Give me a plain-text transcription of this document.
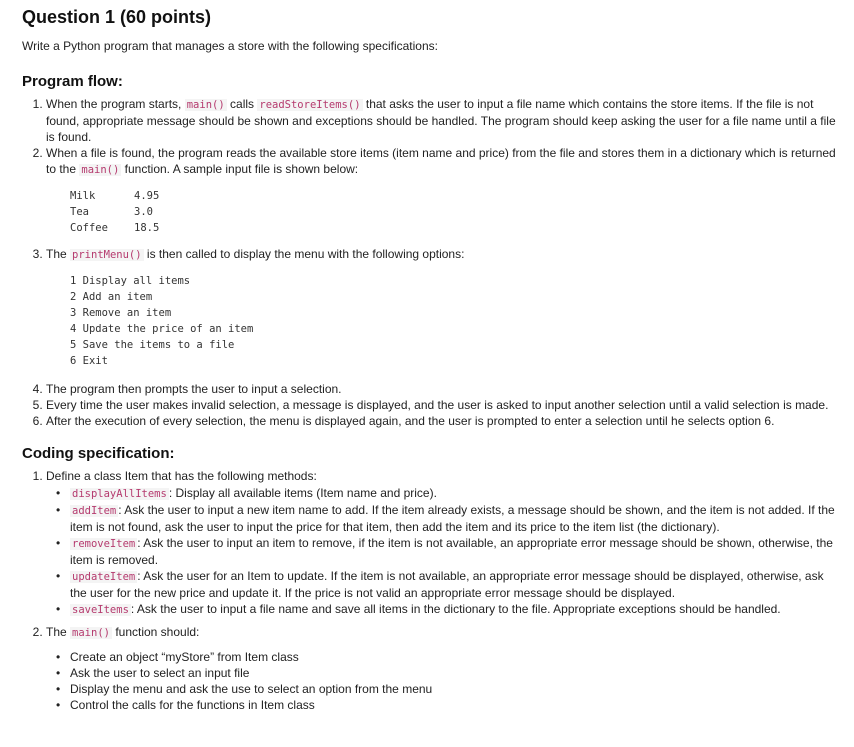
Question 1 (60 points)
Write a Python program that manages a store with the following specifications:
Program flow:
1. When the program starts, main() calls readStoreItems() that asks the user to input a file name which contains the store items. If the file is not found, appropriate message should be shown and exceptions should be handled. The program should keep asking the user for a file name until a file is found.
2. When a file is found, the program reads the available store items (item name and price) from the file and stores them in a dictionary which is returned to the main() function. A sample input file is shown below:
Milk	4.95
Tea	3.0
Coffee	18.5
3. The printMenu() is then called to display the menu with the following options:
1 Display all items
2 Add an item
3 Remove an item
4 Update the price of an item
5 Save the items to a file
6 Exit
4. The program then prompts the user to input a selection.
5. Every time the user makes invalid selection, a message is displayed, and the user is asked to input another selection until a valid selection is made.
6. After the execution of every selection, the menu is displayed again, and the user is prompted to enter a selection until he selects option 6.
Coding specification:
1. Define a class Item that has the following methods:
• displayAllItems : Display all available items (Item name and price).
• addItem : Ask the user to input a new item name to add. If the item already exists, a message should be shown, and the item is not added. If the item is not found, ask the user to input the price for that item, then add the item and its price to the item list (the dictionary).
• removeItem : Ask the user to input an item to remove, if the item is not available, an appropriate error message should be shown, otherwise, the item is removed.
• updateItem : Ask the user for an Item to update. If the item is not available, an appropriate error message should be displayed, otherwise, ask the user for the new price and update it. If the price is not valid an appropriate error message should be displayed.
• saveItems : Ask the user to input a file name and save all items in the dictionary to the file. Appropriate exceptions should be handled.
2. The main() function should:
• Create an object “myStore” from Item class
• Ask the user to select an input file
• Display the menu and ask the use to select an option from the menu
• Control the calls for the functions in Item class
